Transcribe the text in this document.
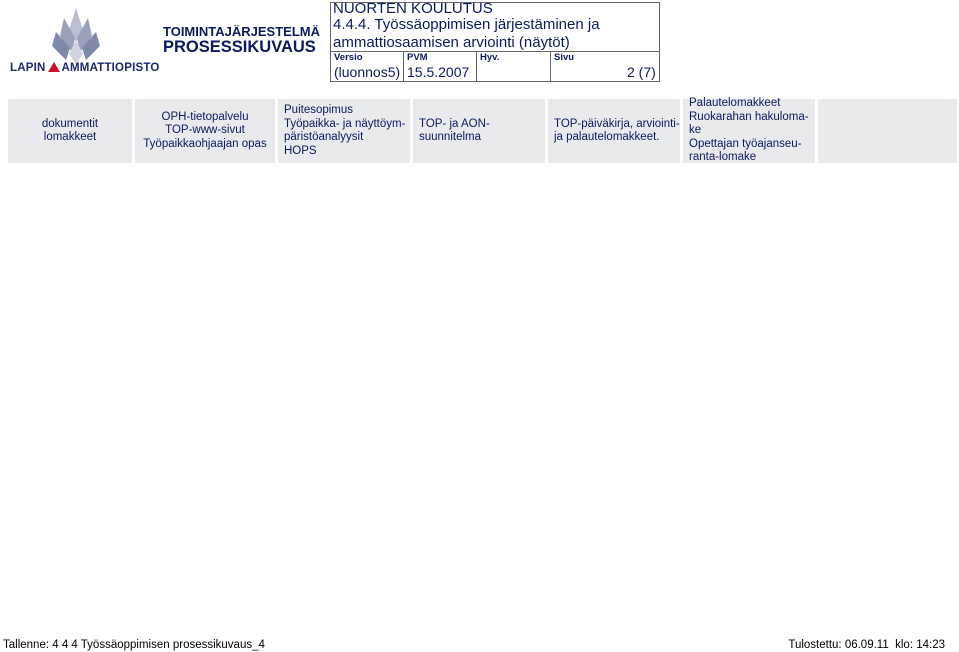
LAPIN AMMATTIOPISTO
TOIMINTAJÄRJESTELMÄ
PROSESSIKUVAUS
NUORTEN KOULUTUS
4.4.4. Työssäoppimisen järjestäminen ja
ammattiosaamisen arviointi (näytöt)
Versio
(luonnos5)
PVM
15.5.2007
Hyv.	Sivu
2 (7)
dokumentit
lomakkeet
OPH-tietopalvelu
TOP-www-sivut
Työpaikkaohjaajan opas
Puitesopimus
Työpaikka- ja näyttöym-
päristöanalyysit
HOPS
TOP- ja AON-
suunnitelma
TOP-päiväkirja, arviointi-
ja palautelomakkeet.
Palautelomakkeet
Ruokarahan hakuloma-
ke
Opettajan työajanseu-
ranta-lomake
Tallenne: 4 4 4 Työssäoppimisen prosessikuvaus_4	Tulostettu: 06.09.11  klo: 14:23
